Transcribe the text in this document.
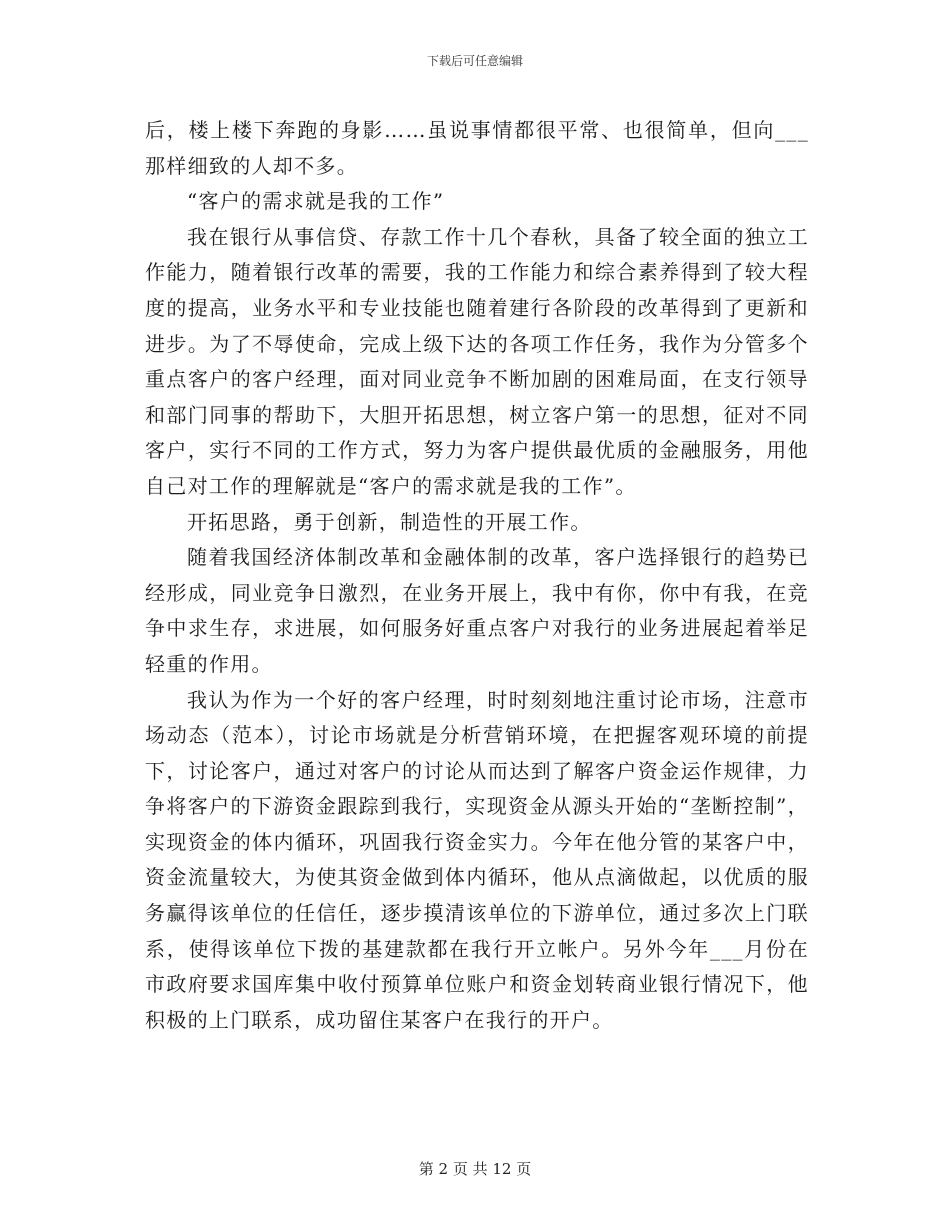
下载后可任意编辑

后，楼上楼下奔跑的身影……虽说事情都很平常、也很简单，但向___那样细致的人却不多。

“客户的需求就是我的工作”

我在银行从事信贷、存款工作十几个春秋，具备了较全面的独立工作能力，随着银行改革的需要，我的工作能力和综合素养得到了较大程度的提高，业务水平和专业技能也随着建行各阶段的改革得到了更新和进步。为了不辱使命，完成上级下达的各项工作任务，我作为分管多个重点客户的客户经理，面对同业竞争不断加剧的困难局面，在支行领导和部门同事的帮助下，大胆开拓思想，树立客户第一的思想，征对不同客户，实行不同的工作方式，努力为客户提供最优质的金融服务，用他自己对工作的理解就是“客户的需求就是我的工作”。

开拓思路，勇于创新，制造性的开展工作。

随着我国经济体制改革和金融体制的改革，客户选择银行的趋势已经形成，同业竞争日激烈，在业务开展上，我中有你，你中有我，在竞争中求生存，求进展，如何服务好重点客户对我行的业务进展起着举足轻重的作用。

我认为作为一个好的客户经理，时时刻刻地注重讨论市场，注意市场动态（范本），讨论市场就是分析营销环境，在把握客观环境的前提下，讨论客户，通过对客户的讨论从而达到了解客户资金运作规律，力争将客户的下游资金跟踪到我行，实现资金从源头开始的“垄断控制”，实现资金的体内循环，巩固我行资金实力。今年在他分管的某客户中，资金流量较大，为使其资金做到体内循环，他从点滴做起，以优质的服务赢得该单位的任信任，逐步摸清该单位的下游单位，通过多次上门联系，使得该单位下拨的基建款都在我行开立帐户。另外今年___月份在市政府要求国库集中收付预算单位账户和资金划转商业银行情况下，他积极的上门联系，成功留住某客户在我行的开户。

第 2 页 共 12 页
